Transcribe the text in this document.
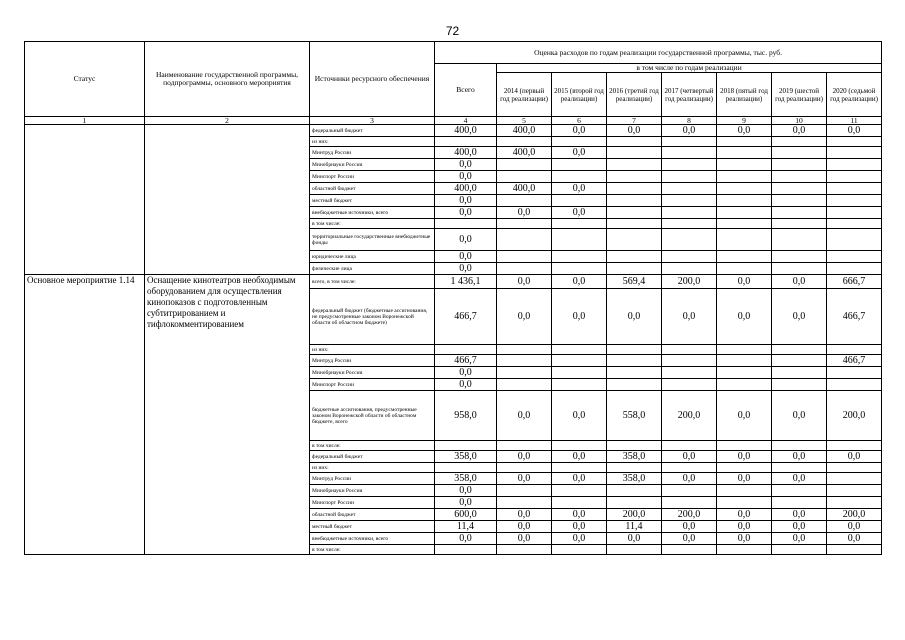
72
Статус	Наименование государственной программы, подпрограммы, основного мероприятия	Источники ресурсного обеспечения	Оценка расходов по годам реализации государственной программы, тыс. руб.							
			Всего	в том числе по годам реализации						
				2014 (первый год реализации)	2015 (второй год реализации)	2016 (третий год реализации)	2017 (четвертый год реализации)	2018 (пятый год реализации)	2019 (шестой год реализации)	2020 (седьмой год реализации)
1	2	3	4	5	6	7	8	9	10	11
		федеральный бюджет	400,0	400,0	0,0	0,0	0,0	0,0	0,0	0,0
		из них:								
		Минтруд России	400,0	400,0	0,0					
		Минобрнауки России	0,0							
		Минспорт России	0,0							
		областной бюджет	400,0	400,0	0,0					
		местный бюджет	0,0							
		внебюджетные источники, всего	0,0	0,0	0,0					
		в том числе:								
		территориальные государственные внебюджетные фонды	0,0							
		юридические лица	0,0							
		физические лица	0,0							
Основное мероприятие 1.14	Оснащение кинотеатров необходимым оборудованием для осуществления кинопоказов с подготовленным субтитрированием и тифлокомментированием	всего, в том числе:	1 436,1	0,0	0,0	569,4	200,0	0,0	0,0	666,7
		федеральный бюджет (бюджетные ассигнования, не предусмотренные законом Воронежской области об областном бюджете)	466,7	0,0	0,0	0,0	0,0	0,0	0,0	466,7
		из них:								
		Минтруд России	466,7							466,7
		Минобрнауки России	0,0							
		Минспорт России	0,0							
		бюджетные ассигнования, предусмотренные законом Воронежской области об областном бюджете, всего	958,0	0,0	0,0	558,0	200,0	0,0	0,0	200,0
		в том числе:								
		федеральный бюджет	358,0	0,0	0,0	358,0	0,0	0,0	0,0	0,0
		из них:								
		Минтруд России	358,0	0,0	0,0	358,0	0,0	0,0	0,0	
		Минобрнауки России	0,0							
		Минспорт России	0,0							
		областной бюджет	600,0	0,0	0,0	200,0	200,0	0,0	0,0	200,0
		местный бюджет	11,4	0,0	0,0	11,4	0,0	0,0	0,0	0,0
		внебюджетные источники, всего	0,0	0,0	0,0	0,0	0,0	0,0	0,0	0,0
		в том числе:								
